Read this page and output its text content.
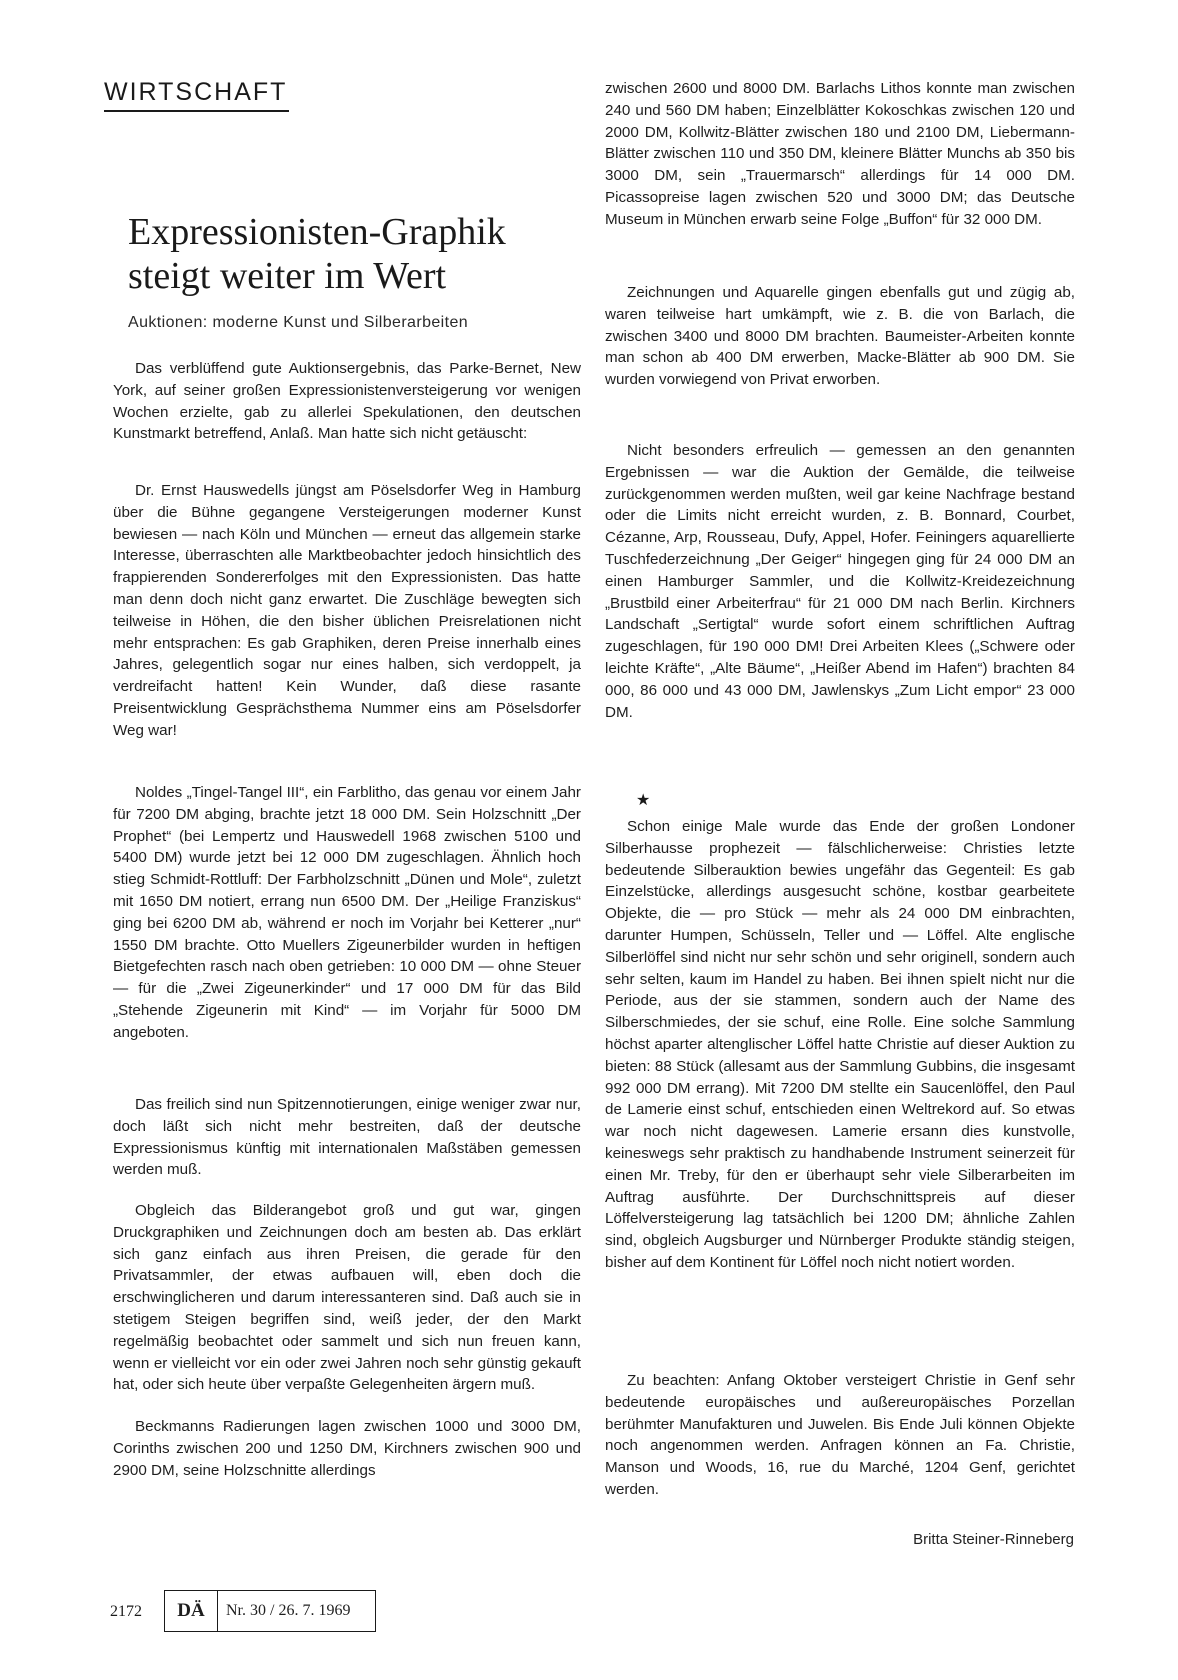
WIRTSCHAFT
Expressionisten-Graphik
steigt weiter im Wert
Auktionen: moderne Kunst und Silberarbeiten

Das verblüffend gute Auktionsergebnis, das Parke-Bernet, New York, auf seiner großen Expressionistenversteigerung vor wenigen Wochen erzielte, gab zu allerlei Spekulationen, den deutschen Kunstmarkt betreffend, Anlaß. Man hatte sich nicht getäuscht:

Dr. Ernst Hauswedells jüngst am Pöselsdorfer Weg in Hamburg über die Bühne gegangene Versteigerungen moderner Kunst bewiesen — nach Köln und München — erneut das allgemein starke Interesse, überraschten alle Marktbeobachter jedoch hinsichtlich des frappierenden Sondererfolges mit den Expressionisten. Das hatte man denn doch nicht ganz erwartet. Die Zuschläge bewegten sich teilweise in Höhen, die den bisher üblichen Preisrelationen nicht mehr entsprachen: Es gab Graphiken, deren Preise innerhalb eines Jahres, gelegentlich sogar nur eines halben, sich verdoppelt, ja verdreifacht hatten! Kein Wunder, daß diese rasante Preisentwicklung Gesprächsthema Nummer eins am Pöselsdorfer Weg war!

Noldes „Tingel-Tangel III“, ein Farblitho, das genau vor einem Jahr für 7200 DM abging, brachte jetzt 18 000 DM. Sein Holzschnitt „Der Prophet“ (bei Lempertz und Hauswedell 1968 zwischen 5100 und 5400 DM) wurde jetzt bei 12 000 DM zugeschlagen. Ähnlich hoch stieg Schmidt-Rottluff: Der Farbholzschnitt „Dünen und Mole“, zuletzt mit 1650 DM notiert, errang nun 6500 DM. Der „Heilige Franziskus“ ging bei 6200 DM ab, während er noch im Vorjahr bei Ketterer „nur“ 1550 DM brachte. Otto Muellers Zigeunerbilder wurden in heftigen Bietgefechten rasch nach oben getrieben: 10 000 DM — ohne Steuer — für die „Zwei Zigeunerkinder“ und 17 000 DM für das Bild „Stehende Zigeunerin mit Kind“ — im Vorjahr für 5000 DM angeboten.

Das freilich sind nun Spitzennotierungen, einige weniger zwar nur, doch läßt sich nicht mehr bestreiten, daß der deutsche Expressionismus künftig mit internationalen Maßstäben gemessen werden muß.

Obgleich das Bilderangebot groß und gut war, gingen Druckgraphiken und Zeichnungen doch am besten ab. Das erklärt sich ganz einfach aus ihren Preisen, die gerade für den Privatsammler, der etwas aufbauen will, eben doch die erschwinglicheren und darum interessanteren sind. Daß auch sie in stetigem Steigen begriffen sind, weiß jeder, der den Markt regelmäßig beobachtet oder sammelt und sich nun freuen kann, wenn er vielleicht vor ein oder zwei Jahren noch sehr günstig gekauft hat, oder sich heute über verpaßte Gelegenheiten ärgern muß.

Beckmanns Radierungen lagen zwischen 1000 und 3000 DM, Corinths zwischen 200 und 1250 DM, Kirchners zwischen 900 und 2900 DM, seine Holzschnitte allerdings

zwischen 2600 und 8000 DM. Barlachs Lithos konnte man zwischen 240 und 560 DM haben; Einzelblätter Kokoschkas zwischen 120 und 2000 DM, Kollwitz-Blätter zwischen 180 und 2100 DM, Liebermann-Blätter zwischen 110 und 350 DM, kleinere Blätter Munchs ab 350 bis 3000 DM, sein „Trauermarsch“ allerdings für 14 000 DM. Picassopreise lagen zwischen 520 und 3000 DM; das Deutsche Museum in München erwarb seine Folge „Buffon“ für 32 000 DM.

Zeichnungen und Aquarelle gingen ebenfalls gut und zügig ab, waren teilweise hart umkämpft, wie z. B. die von Barlach, die zwischen 3400 und 8000 DM brachten. Baumeister-Arbeiten konnte man schon ab 400 DM erwerben, Macke-Blätter ab 900 DM. Sie wurden vorwiegend von Privat erworben.

Nicht besonders erfreulich — gemessen an den genannten Ergebnissen — war die Auktion der Gemälde, die teilweise zurückgenommen werden mußten, weil gar keine Nachfrage bestand oder die Limits nicht erreicht wurden, z. B. Bonnard, Courbet, Cézanne, Arp, Rousseau, Dufy, Appel, Hofer. Feiningers aquarellierte Tuschfederzeichnung „Der Geiger“ hingegen ging für 24 000 DM an einen Hamburger Sammler, und die Kollwitz-Kreidezeichnung „Brustbild einer Arbeiterfrau“ für 21 000 DM nach Berlin. Kirchners Landschaft „Sertigtal“ wurde sofort einem schriftlichen Auftrag zugeschlagen, für 190 000 DM! Drei Arbeiten Klees („Schwere oder leichte Kräfte“, „Alte Bäume“, „Heißer Abend im Hafen“) brachten 84 000, 86 000 und 43 000 DM, Jawlenskys „Zum Licht empor“ 23 000 DM.

★

Schon einige Male wurde das Ende der großen Londoner Silberhausse prophezeit — fälschlicherweise: Christies letzte bedeutende Silberauktion bewies ungefähr das Gegenteil: Es gab Einzelstücke, allerdings ausgesucht schöne, kostbar gearbeitete Objekte, die — pro Stück — mehr als 24 000 DM einbrachten, darunter Humpen, Schüsseln, Teller und — Löffel. Alte englische Silberlöffel sind nicht nur sehr schön und sehr originell, sondern auch sehr selten, kaum im Handel zu haben. Bei ihnen spielt nicht nur die Periode, aus der sie stammen, sondern auch der Name des Silberschmiedes, der sie schuf, eine Rolle. Eine solche Sammlung höchst aparter altenglischer Löffel hatte Christie auf dieser Auktion zu bieten: 88 Stück (allesamt aus der Sammlung Gubbins, die insgesamt 992 000 DM errang). Mit 7200 DM stellte ein Saucenlöffel, den Paul de Lamerie einst schuf, entschieden einen Weltrekord auf. So etwas war noch nicht dagewesen. Lamerie ersann dies kunstvolle, keineswegs sehr praktisch zu handhabende Instrument seinerzeit für einen Mr. Treby, für den er überhaupt sehr viele Silberarbeiten im Auftrag ausführte. Der Durchschnittspreis auf dieser Löffelversteigerung lag tatsächlich bei 1200 DM; ähnliche Zahlen sind, obgleich Augsburger und Nürnberger Produkte ständig steigen, bisher auf dem Kontinent für Löffel noch nicht notiert worden.

Zu beachten: Anfang Oktober versteigert Christie in Genf sehr bedeutende europäisches und außereuropäisches Porzellan berühmter Manufakturen und Juwelen. Bis Ende Juli können Objekte noch angenommen werden. Anfragen können an Fa. Christie, Manson und Woods, 16, rue du Marché, 1204 Genf, gerichtet werden.

Britta Steiner-Rinneberg
2172	DÄ	Nr. 30 / 26. 7. 1969
